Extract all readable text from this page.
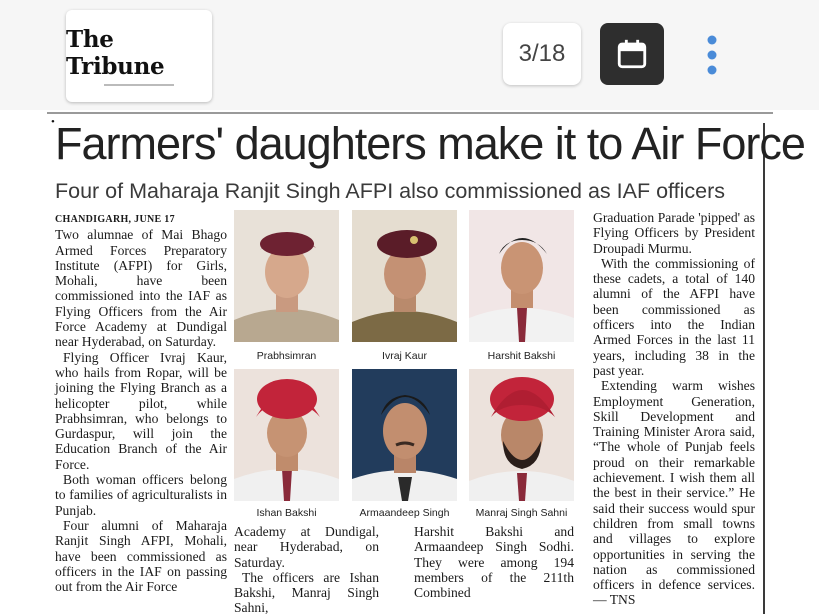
The Tribune	3/18
• Farmers' daughters make it to Air Force
Four of Maharaja Ranjit Singh AFPI also commissioned as IAF officers

CHANDIGARH, JUNE 17

Two alumnae of Mai Bhago Armed Forces Preparatory Institute (AFPI) for Girls, Mohali, have been commissioned into the IAF as Flying Officers from the Air Force Academy at Dundigal near Hyderabad, on Saturday.

Flying Officer Ivraj Kaur, who hails from Ropar, will be joining the Flying Branch as a helicopter pilot, while Prabhsimran, who belongs to Gurdaspur, will join the Education Branch of the Air Force.

Both woman officers belong to families of agriculturalists in Punjab.

Four alumni of Maharaja Ranjit Singh AFPI, Mohali, have been commissioned as officers in the IAF on passing out from the Air Force

Prabhsimran	Ivraj Kaur	Harshit Bakshi
Ishan Bakshi	Armaandeep Singh	Manraj Singh Sahni

Academy at Dundigal, near Hyderabad, on Saturday.

The officers are Ishan Bakshi, Manraj Singh Sahni,

Harshit Bakshi and Armaandeep Singh Sodhi. They were among 194 members of the 211th Combined

Graduation Parade 'pipped' as Flying Officers by President Droupadi Murmu.

With the commissioning of these cadets, a total of 140 alumni of the AFPI have been commissioned as officers into the Indian Armed Forces in the last 11 years, including 38 in the past year.

Extending warm wishes Employment Generation, Skill Development and Training Minister Arora said, “The whole of Punjab feels proud on their remarkable achievement. I wish them all the best in their service.” He said their success would spur children from small towns and villages to explore opportunities in serving the nation as commissioned officers in defence services. — TNS
